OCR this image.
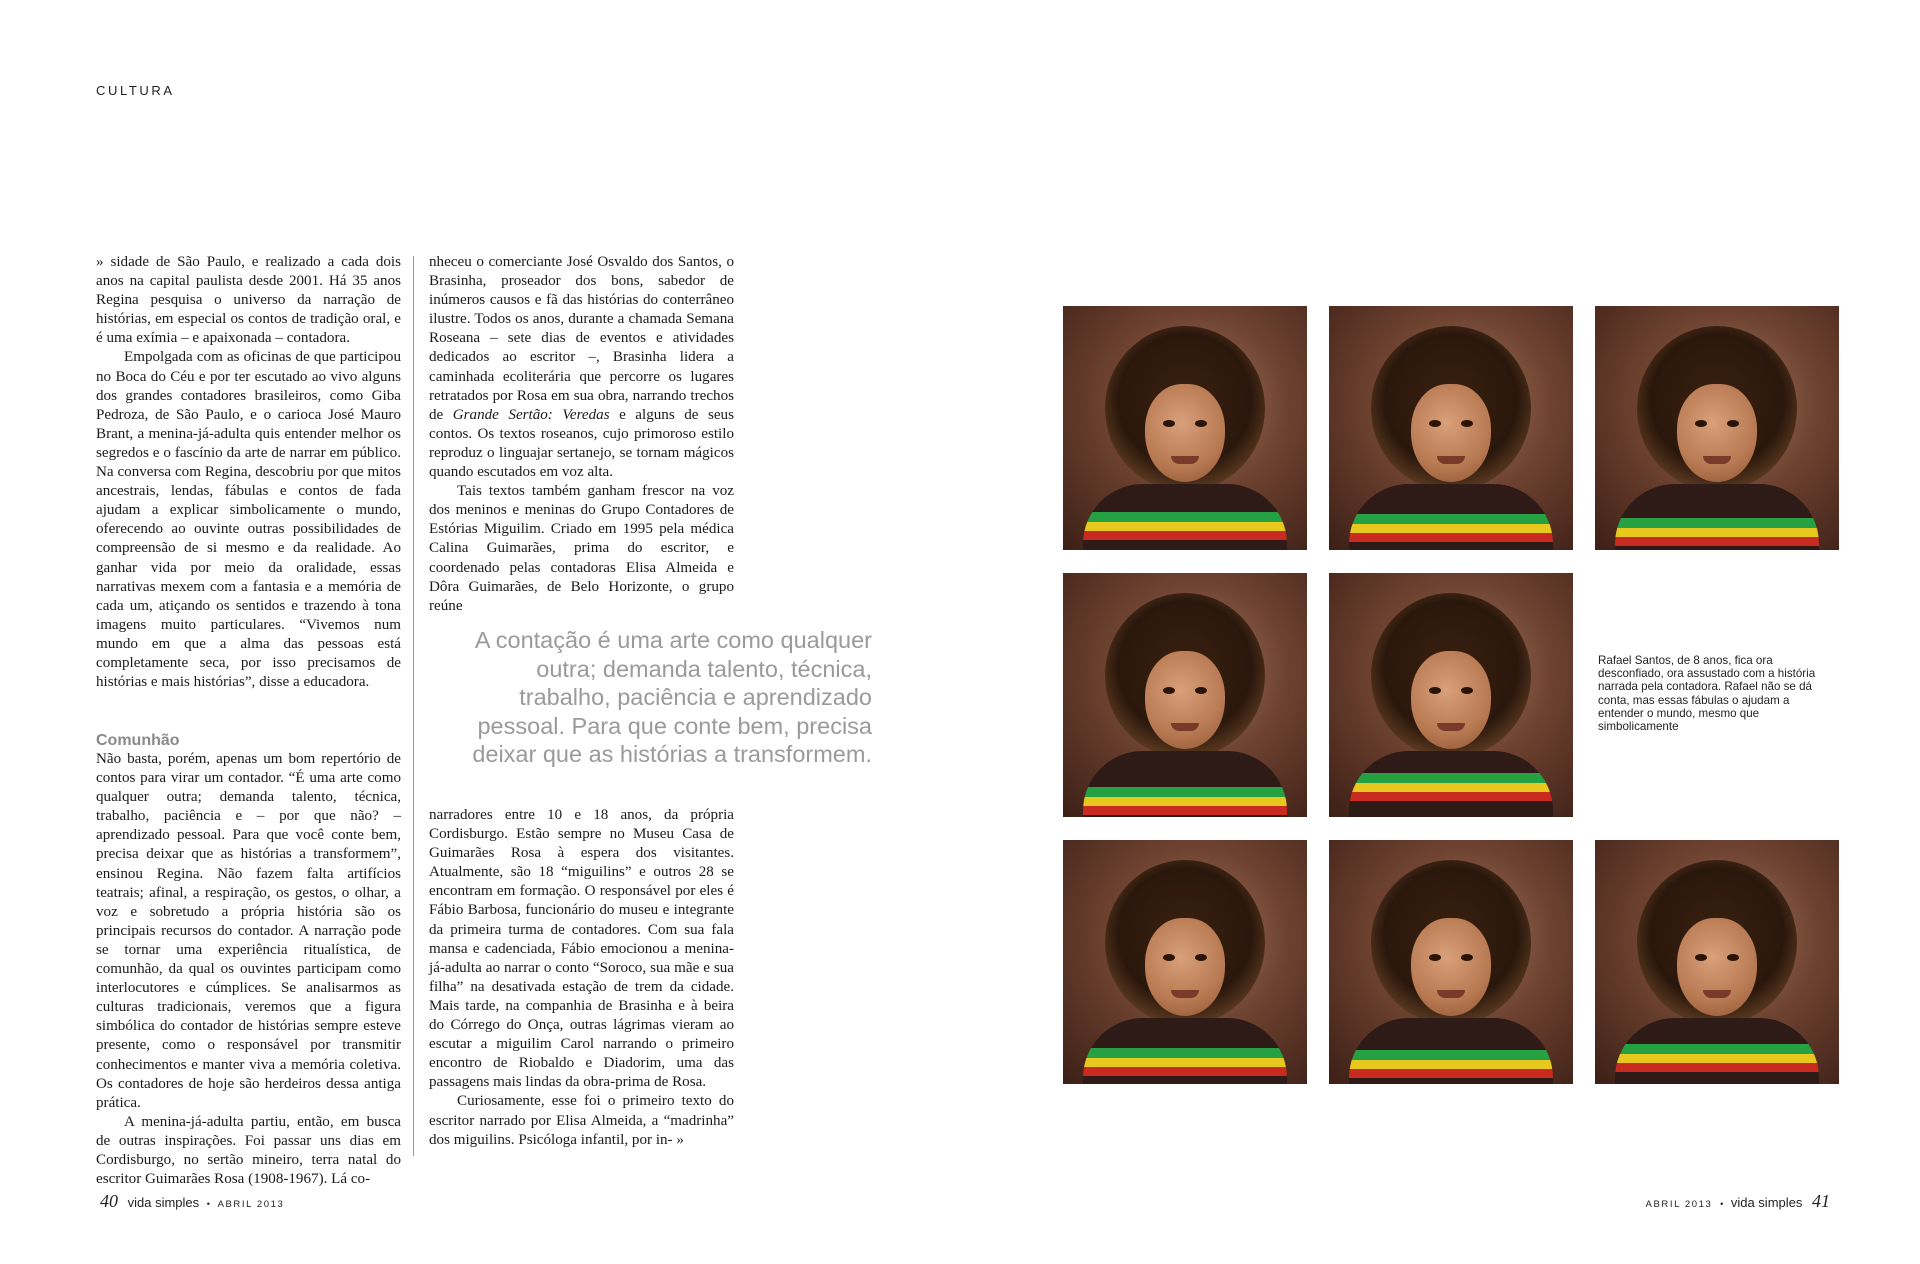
CULTURA

» sidade de São Paulo, e realizado a cada dois anos na capital paulista desde 2001. Há 35 anos Regina pesquisa o universo da narração de histórias, em especial os contos de tradição oral, e é uma exímia – e apaixonada – contadora.

Empolgada com as oficinas de que participou no Boca do Céu e por ter escutado ao vivo alguns dos grandes contadores brasileiros, como Giba Pedroza, de São Paulo, e o carioca José Mauro Brant, a menina-já-adulta quis entender melhor os segredos e o fascínio da arte de narrar em público. Na conversa com Regina, descobriu por que mitos ancestrais, lendas, fábulas e contos de fada ajudam a explicar simbolicamente o mundo, oferecendo ao ouvinte outras possibilidades de compreensão de si mesmo e da realidade. Ao ganhar vida por meio da oralidade, essas narrativas mexem com a fantasia e a memória de cada um, atiçando os sentidos e trazendo à tona imagens muito particulares. “Vivemos num mundo em que a alma das pessoas está completamente seca, por isso precisamos de histórias e mais histórias”, disse a educadora.

Comunhão

Não basta, porém, apenas um bom repertório de contos para virar um contador. “É uma arte como qualquer outra; demanda talento, técnica, trabalho, paciência e – por que não? – aprendizado pessoal. Para que você conte bem, precisa deixar que as histórias a transformem”, ensinou Regina. Não fazem falta artifícios teatrais; afinal, a respiração, os gestos, o olhar, a voz e sobretudo a própria história são os principais recursos do contador. A narração pode se tornar uma experiência ritualística, de comunhão, da qual os ouvintes participam como interlocutores e cúmplices. Se analisarmos as culturas tradicionais, veremos que a figura simbólica do contador de histórias sempre esteve presente, como o responsável por transmitir conhecimentos e manter viva a memória coletiva. Os contadores de hoje são herdeiros dessa antiga prática.

A menina-já-adulta partiu, então, em busca de outras inspirações. Foi passar uns dias em Cordisburgo, no sertão mineiro, terra natal do escritor Guimarães Rosa (1908-1967). Lá co-

nheceu o comerciante José Osvaldo dos Santos, o Brasinha, proseador dos bons, sabedor de inúmeros causos e fã das histórias do conterrâneo ilustre. Todos os anos, durante a chamada Semana Roseana – sete dias de eventos e atividades dedicados ao escritor –, Brasinha lidera a caminhada ecoliterária que percorre os lugares retratados por Rosa em sua obra, narrando trechos de Grande Sertão: Veredas e alguns de seus contos. Os textos roseanos, cujo primoroso estilo reproduz o linguajar sertanejo, se tornam mágicos quando escutados em voz alta.

Tais textos também ganham frescor na voz dos meninos e meninas do Grupo Contadores de Estórias Miguilim. Criado em 1995 pela médica Calina Guimarães, prima do escritor, e coordenado pelas contadoras Elisa Almeida e Dôra Guimarães, de Belo Horizonte, o grupo reúne

A contação é uma arte como qualquer outra; demanda talento, técnica, trabalho, paciência e aprendizado pessoal. Para que conte bem, precisa deixar que as histórias a transformem.

narradores entre 10 e 18 anos, da própria Cordisburgo. Estão sempre no Museu Casa de Guimarães Rosa à espera dos visitantes. Atualmente, são 18 “miguilins” e outros 28 se encontram em formação. O responsável por eles é Fábio Barbosa, funcionário do museu e integrante da primeira turma de contadores. Com sua fala mansa e cadenciada, Fábio emocionou a menina-já-adulta ao narrar o conto “Soroco, sua mãe e sua filha” na desativada estação de trem da cidade. Mais tarde, na companhia de Brasinha e à beira do Córrego do Onça, outras lágrimas vieram ao escutar a miguilim Carol narrando o primeiro encontro de Riobaldo e Diadorim, uma das passagens mais lindas da obra-prima de Rosa.

Curiosamente, esse foi o primeiro texto do escritor narrado por Elisa Almeida, a “madrinha” dos miguilins. Psicóloga infantil, por in- »

Rafael Santos, de 8 anos, fica ora desconfiado, ora assustado com a história narrada pela contadora. Rafael não se dá conta, mas essas fábulas o ajudam a entender o mundo, mesmo que simbolicamente

40 vida simples • ABRIL 2013	ABRIL 2013 • vida simples 41
